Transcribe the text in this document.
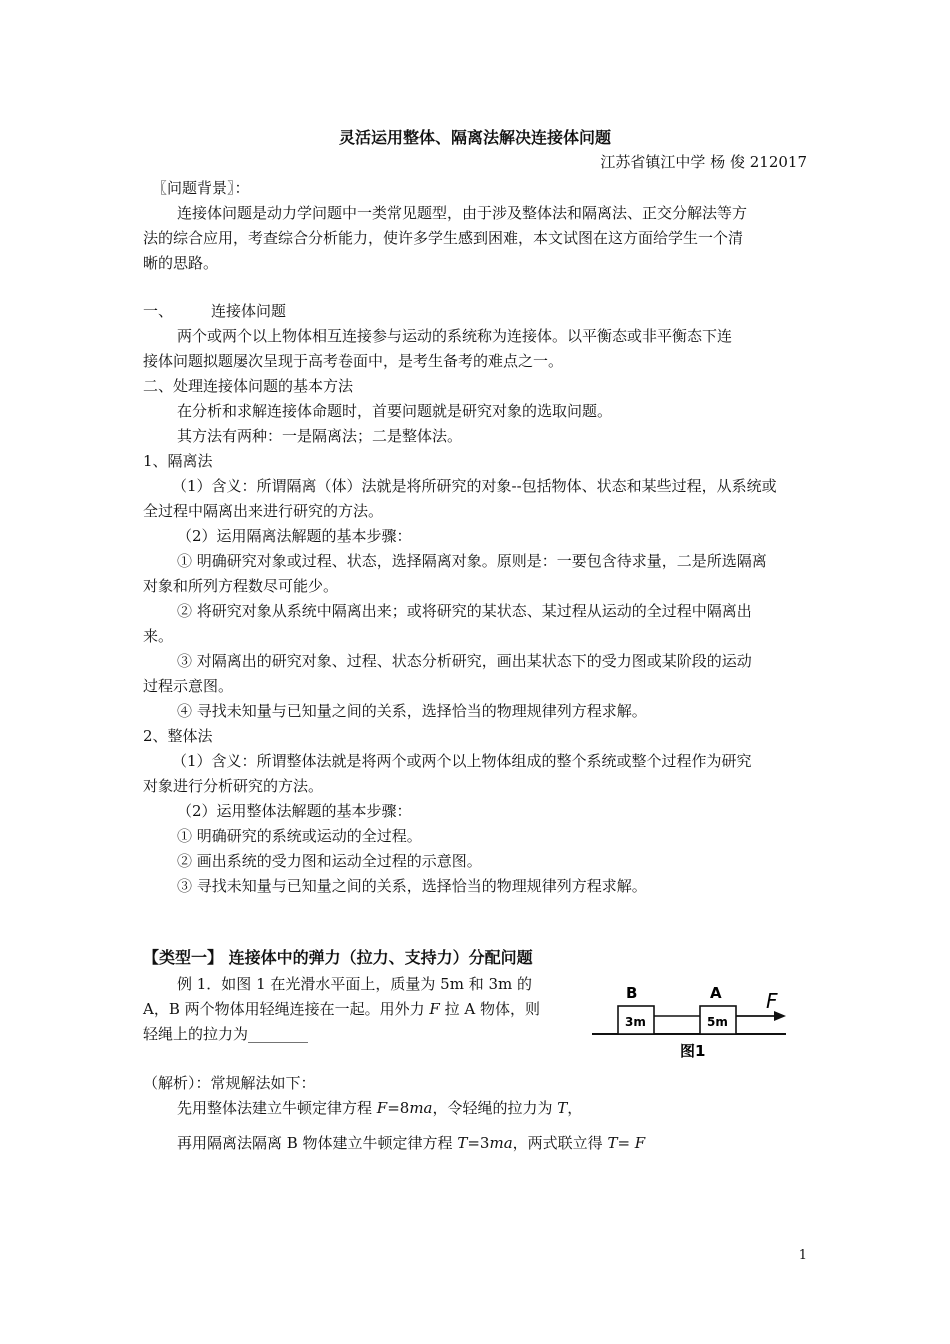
灵活运用整体、隔离法解决连接体问题
江苏省镇江中学 杨 俊 212017
〖问题背景〗：
连接体问题是动力学问题中一类常见题型，由于涉及整体法和隔离法、正交分解法等方
法的综合应用，考查综合分析能力，使许多学生感到困难，本文试图在这方面给学生一个清
晰的思路。
一、	连接体问题
两个或两个以上物体相互连接参与运动的系统称为连接体。以平衡态或非平衡态下连
接体问题拟题屡次呈现于高考卷面中，是考生备考的难点之一。
二、处理连接体问题的基本方法
在分析和求解连接体命题时，首要问题就是研究对象的选取问题。
其方法有两种：一是隔离法；二是整体法。
1、隔离法
（1）含义：所谓隔离（体）法就是将所研究的对象--包括物体、状态和某些过程，从系统或
全过程中隔离出来进行研究的方法。
（2）运用隔离法解题的基本步骤：
① 明确研究对象或过程、状态，选择隔离对象。原则是：一要包含待求量，二是所选隔离
对象和所列方程数尽可能少。
② 将研究对象从系统中隔离出来；或将研究的某状态、某过程从运动的全过程中隔离出
来。
③ 对隔离出的研究对象、过程、状态分析研究，画出某状态下的受力图或某阶段的运动
过程示意图。
④ 寻找未知量与已知量之间的关系，选择恰当的物理规律列方程求解。
2、整体法
（1）含义：所谓整体法就是将两个或两个以上物体组成的整个系统或整个过程作为研究
对象进行分析研究的方法。
（2）运用整体法解题的基本步骤：
① 明确研究的系统或运动的全过程。
② 画出系统的受力图和运动全过程的示意图。
③ 寻找未知量与已知量之间的关系，选择恰当的物理规律列方程求解。
【类型一】 连接体中的弹力（拉力、支持力）分配问题
例 1．如图 1 在光滑水平面上，质量为 5m 和 3m 的
A，B 两个物体用轻绳连接在一起。用外力 F 拉 A 物体，则
轻绳上的拉力为________
B	A
3m	5m
F
图1
（解析）：常规解法如下：
先用整体法建立牛顿定律方程 F=8ma，令轻绳的拉力为 T，
再用隔离法隔离 B 物体建立牛顿定律方程 T=3ma，两式联立得 T= F
1
